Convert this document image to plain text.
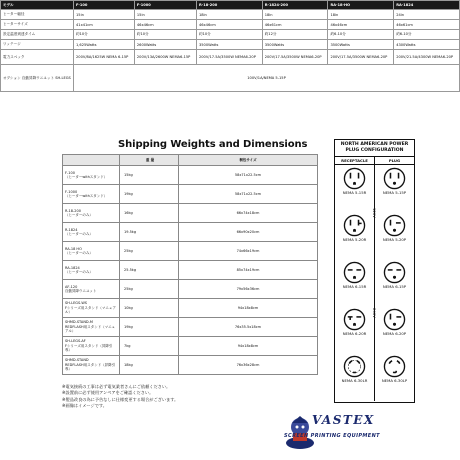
モデル	F-100	F-1000	R-18-200	R-1824-200	RA-18-HO	RA-1824
ヒーター幅径	15in	15in	18in	18in	18in	24in
ヒーターサイズ	41x41cm	46x46cm	46x46cm	46x61cm	46x46cm	46x61cm
設定温度到達タイム	約10分	約10分	約10分	約12分	約6-10分	約6-10分
ワッテージ	1,625Watts	2600Watts	3500Watts	3500Watts	3500Watts	4300Watts
電力スペック	200V/8A/1625W NEMA 6-15P	200V/13A/2600W NEMA6-15P	200V/17.5A/3500W NEMA6-20P	200V/17.5A/3500W NEMA6-20P	200V/17.5A/3500W NEMA6-20P	200V/21.5A/4300W NEMA6-20P
オプション 自動昇降ウニユット SH-LEGS	100V/1A/NEMA 5-15P					
Shipping Weights and Dimensions
	重 量	梱包サイズ

F-100
（ヒーターwithスタンド）	15kg	58x71x22.5cm

F-1000
（ヒーターwithスタンド）	19kg	58x71x22.5cm

R-18-200
（ヒーターのみ）	16kg	66x74x18cm

R-1824
（ヒーターのみ）	19.5kg	66x90x20cm

RA-18 HO
（ヒーターのみ）	25kg	74x66x19cm

RA-1824
（ヒーターのみ）	25.5kg	85x74x19cm

AF-120
自動昇降ウニユット	25kg	79x56x36cm

SH-LEGS-WS
Fシリーズ用スタンド（マニュアル）	10kg	94x18x8cm

SHMD-STAND-M
REDFLASH用スタンド（マニュアル）	19kg	76x35.5x18cm

SH-LEGS-AF
Fシリーズ用スタンド（昇降引専）	7kg	94x18x8cm

SHMD-STAND
REDFLASH用スタンド（昇降引専）	18kg	76x36x28cm
NORTH AMERICAN POWER PLUG CONFIGURATION
RECEPTACLE	PLUG
120V
240V
NEMA 5-15R	NEMA 5-15P
NEMA 5-20R	NEMA 5-20P
NEMA 6-15R	NEMA 6-15P
NEMA 6-20R	NEMA 6-20P
NEMA 6-30LR	NEMA 6-30LP
※電気接続の工事は必ず電気業者さんにご依頼ください。
※設置前に必ず使用アンペアをご確認ください。
※製品改良の為に予告なしに仕様変更する場合がございます。
※画像はイメージです。
VASTEX
SCREEN PRINTING EQUIPMENT
